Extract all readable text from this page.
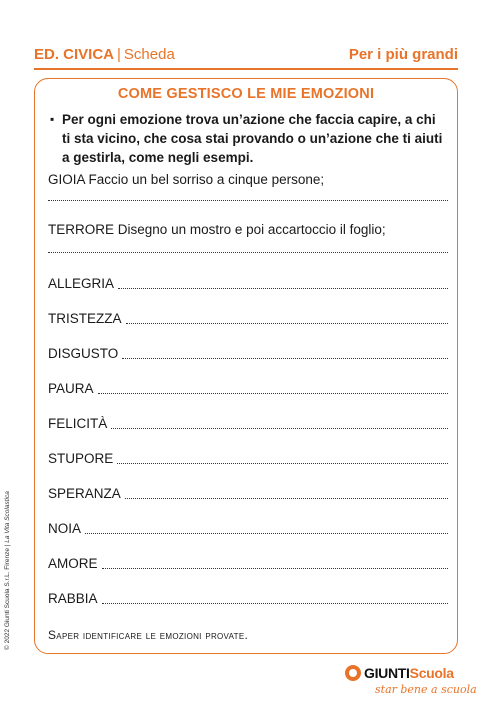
ED. CIVICA | Scheda	Per i più grandi
COME GESTISCO LE MIE EMOZIONI
▪ Per ogni emozione trova un’azione che faccia capire, a chi ti sta vicino, che cosa stai provando o un’azione che ti aiuti a gestirla, come negli esempi.
GIOIA Faccio un bel sorriso a cinque persone;
TERRORE Disegno un mostro e poi accartoccio il foglio;
ALLEGRIA
TRISTEZZA
DISGUSTO
PAURA
FELICITÀ
STUPORE
SPERANZA
NOIA
AMORE
RABBIA
Saper identificare le emozioni provate.
© 2022 Giunti Scuola S.r.L. Firenze | La Vita Scolastica
GIUNTIScuola
star bene a scuola
